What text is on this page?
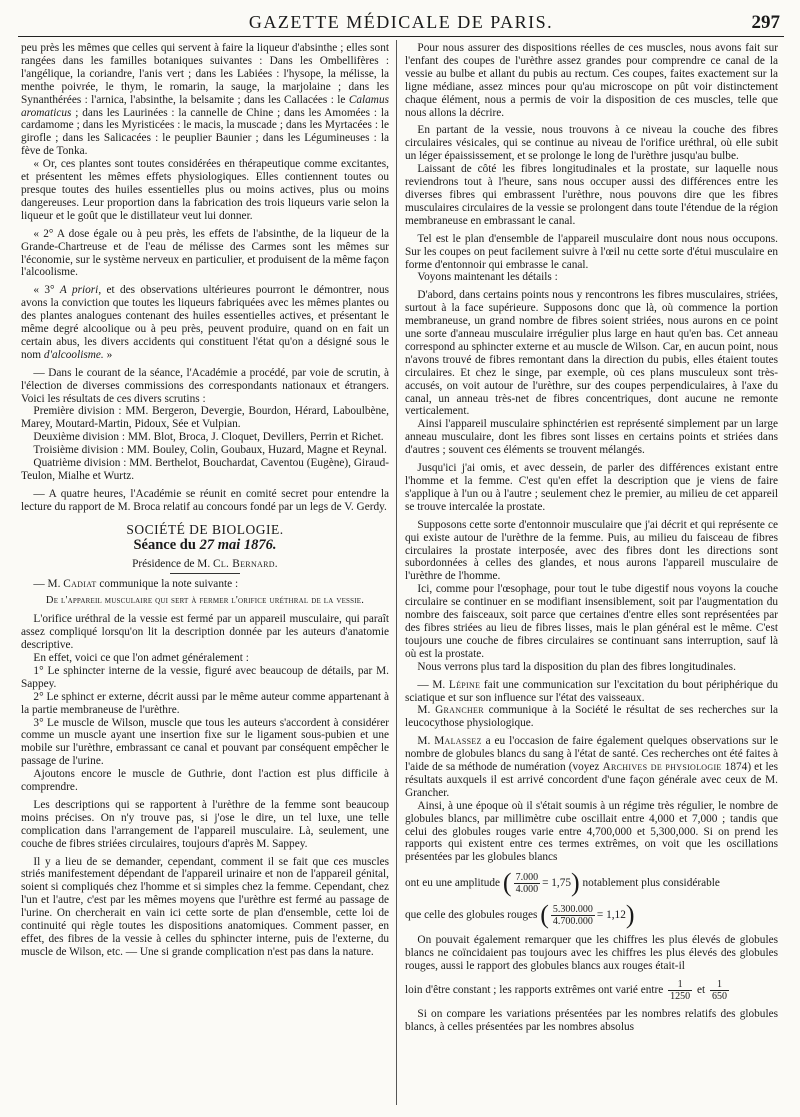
GAZETTE MÉDICALE DE PARIS.	297

peu près les mêmes que celles qui servent à faire la liqueur d'absinthe ; elles sont rangées dans les familles botaniques suivantes : Dans les Ombellifères : l'angélique, la coriandre, l'anis vert ; dans les Labiées : l'hysope, la mélisse, la menthe poivrée, le thym, le romarin, la sauge, la marjolaine ; dans les Synanthérées : l'arnica, l'absinthe, la belsamite ; dans les Callacées : le Calamus aromaticus ; dans les Laurinées : la cannelle de Chine ; dans les Amomées : la cardamome ; dans les Myristicées : le macis, la muscade ; dans les Myrtacées : le girofle ; dans les Salicacées : le peuplier Baunier ; dans les Légumineuses : la fève de Tonka.

« Or, ces plantes sont toutes considérées en thérapeutique comme excitantes, et présentent les mêmes effets physiologiques. Elles contiennent toutes ou presque toutes des huiles essentielles plus ou moins actives, plus ou moins dangereuses. Leur proportion dans la fabrication des trois liqueurs varie selon la liqueur et le goût que le distillateur veut lui donner.

« 2° A dose égale ou à peu près, les effets de l'absinthe, de la liqueur de la Grande-Chartreuse et de l'eau de mélisse des Carmes sont les mêmes sur l'économie, sur le système nerveux en particulier, et produisent de la même façon l'alcoolisme.

« 3° A priori, et des observations ultérieures pourront le démontrer, nous avons la conviction que toutes les liqueurs fabriquées avec les mêmes plantes ou des plantes analogues contenant des huiles essentielles actives, et présentant le même degré alcoolique ou à peu près, peuvent produire, quand on en fait un certain abus, les divers accidents qui constituent l'état qu'on a désigné sous le nom d'alcoolisme. »

— Dans le courant de la séance, l'Académie a procédé, par voie de scrutin, à l'élection de diverses commissions des correspondants nationaux et étrangers. Voici les résultats de ces divers scrutins :

Première division : MM. Bergeron, Devergie, Bourdon, Hérard, Laboulbène, Marey, Moutard-Martin, Pidoux, Sée et Vulpian.

Deuxième division : MM. Blot, Broca, J. Cloquet, Devillers, Perrin et Richet.

Troisième division : MM. Bouley, Colin, Goubaux, Huzard, Magne et Reynal.

Quatrième division : MM. Berthelot, Bouchardat, Caventou (Eugène), Giraud-Teulon, Mialhe et Wurtz.

— A quatre heures, l'Académie se réunit en comité secret pour entendre la lecture du rapport de M. Broca relatif au concours fondé par un legs de V. Gerdy.

SOCIÉTÉ DE BIOLOGIE.
Séance du 27 mai 1876.

Présidence de M. Cl. Bernard.

— M. Cadiat communique la note suivante :

De l'appareil musculaire qui sert à fermer l'orifice uréthral de la vessie.

L'orifice uréthral de la vessie est fermé par un appareil musculaire, qui paraît assez compliqué lorsqu'on lit la description donnée par les auteurs d'anatomie descriptive.

En effet, voici ce que l'on admet généralement :

1° Le sphincter interne de la vessie, figuré avec beaucoup de détails, par M. Sappey.

2° Le sphinct er externe, décrit aussi par le même auteur comme appartenant à la partie membraneuse de l'urèthre.

3° Le muscle de Wilson, muscle que tous les auteurs s'accordent à considérer comme un muscle ayant une insertion fixe sur le ligament sous-pubien et une mobile sur l'urèthre, embrassant ce canal et pouvant par conséquent empêcher le passage de l'urine.

Ajoutons encore le muscle de Guthrie, dont l'action est plus difficile à comprendre.

Les descriptions qui se rapportent à l'urèthre de la femme sont beaucoup moins précises. On n'y trouve pas, si j'ose le dire, un tel luxe, une telle complication dans l'arrangement de l'appareil musculaire. Là, seulement, une couche de fibres striées circulaires, toujours d'après M. Sappey.

Il y a lieu de se demander, cependant, comment il se fait que ces muscles striés manifestement dépendant de l'appareil urinaire et non de l'appareil génital, soient si compliqués chez l'homme et si simples chez la femme. Cependant, chez l'un et l'autre, c'est par les mêmes moyens que l'urèthre est fermé au passage de l'urine. On chercherait en vain ici cette sorte de plan d'ensemble, cette loi de continuité qui règle toutes les dispositions anatomiques. Comment passer, en effet, des fibres de la vessie à celles du sphincter interne, puis de l'externe, du muscle de Wilson, etc. — Une si grande complication n'est pas dans la nature.

Pour nous assurer des dispositions réelles de ces muscles, nous avons fait sur l'enfant des coupes de l'urèthre assez grandes pour comprendre ce canal de la vessie au bulbe et allant du pubis au rectum. Ces coupes, faites exactement sur la ligne médiane, assez minces pour qu'au microscope on pût voir distinctement chaque élément, nous a permis de voir la disposition de ces muscles, telle que nous allons la décrire.

En partant de la vessie, nous trouvons à ce niveau la couche des fibres circulaires vésicales, qui se continue au niveau de l'orifice uréthral, où elle subit un léger épaississement, et se prolonge le long de l'urèthre jusqu'au bulbe.

Laissant de côté les fibres longitudinales et la prostate, sur laquelle nous reviendrons tout à l'heure, sans nous occuper aussi des différences entre les diverses fibres qui embrassent l'urèthre, nous pouvons dire que les fibres musculaires circulaires de la vessie se prolongent dans toute l'étendue de la région membraneuse en embrassant le canal.

Tel est le plan d'ensemble de l'appareil musculaire dont nous nous occupons. Sur les coupes on peut facilement suivre à l'œil nu cette sorte d'étui musculaire en forme d'entonnoir qui embrasse le canal.

Voyons maintenant les détails :

D'abord, dans certains points nous y rencontrons les fibres musculaires, striées, surtout à la face supérieure. Supposons donc que là, où commence la portion membraneuse, un grand nombre de fibres soient striées, nous aurons en ce point une sorte d'anneau musculaire irrégulier plus large en haut qu'en bas. Cet anneau correspond au sphincter externe et au muscle de Wilson. Car, en aucun point, nous n'avons trouvé de fibres remontant dans la direction du pubis, elles étaient toutes circulaires. Et chez le singe, par exemple, où ces plans musculeux sont très-accusés, on voit autour de l'urèthre, sur des coupes perpendiculaires, à l'axe du canal, un anneau très-net de fibres concentriques, dont aucune ne remonte verticalement.

Ainsi l'appareil musculaire sphinctérien est représenté simplement par un large anneau musculaire, dont les fibres sont lisses en certains points et striées dans d'autres ; souvent ces éléments se trouvent mélangés.

Jusqu'ici j'ai omis, et avec dessein, de parler des différences existant entre l'homme et la femme. C'est qu'en effet la description que je viens de faire s'applique à l'un ou à l'autre ; seulement chez le premier, au milieu de cet appareil se trouve intercalée la prostate.

Supposons cette sorte d'entonnoir musculaire que j'ai décrit et qui représente ce qui existe autour de l'urèthre de la femme. Puis, au milieu du faisceau de fibres circulaires la prostate interposée, avec des fibres dont les directions sont subordonnées à celles des glandes, et nous aurons l'appareil musculaire de l'urèthre de l'homme.

Ici, comme pour l'œsophage, pour tout le tube digestif nous voyons la couche circulaire se continuer en se modifiant insensiblement, soit par l'augmentation du nombre des faisceaux, soit parce que certaines d'entre elles sont représentées par des fibres striées au lieu de fibres lisses, mais le plan général est le même. C'est toujours une couche de fibres circulaires se continuant sans interruption, sauf là où est la prostate.

Nous verrons plus tard la disposition du plan des fibres longitudinales.

— M. Lépine fait une communication sur l'excitation du bout périphérique du sciatique et sur son influence sur l'état des vaisseaux.

M. Grancher communique à la Société le résultat de ses recherches sur la leucocythose physiologique.

M. Malassez a eu l'occasion de faire également quelques observations sur le nombre de globules blancs du sang à l'état de santé. Ces recherches ont été faites à l'aide de sa méthode de numération (voyez Archives de physiologie 1874) et les résultats auxquels il est arrivé concordent d'une façon générale avec ceux de M. Grancher.

Ainsi, à une époque où il s'était soumis à un régime très régulier, le nombre de globules blancs, par millimètre cube oscillait entre 4,000 et 7,000 ; tandis que celui des globules rouges varie entre 4,700,000 et 5,300,000. Si on prend les rapports qui existent entre ces termes extrêmes, on voit que les oscillations présentées par les globules blancs

ont eu une amplitude
( $\frac{7.000}{4.000} = 1,75$ )
notablement plus considérable
que celle des globules rouges
( $\frac{5.300.000}{4.700.000} = 1,12$ )

On pouvait également remarquer que les chiffres les plus élevés de globules blancs ne coïncidaient pas toujours avec les chiffres les plus élevés des globules rouges, aussi le rapport des globules blancs aux rouges était-il

loin d'être constant ; les rapports extrêmes ont varié entre
$\frac{1}{1250}$
et
$\frac{1}{650}$

Si on compare les variations présentées par les nombres relatifs des globules blancs, à celles présentées par les nombres absolus
